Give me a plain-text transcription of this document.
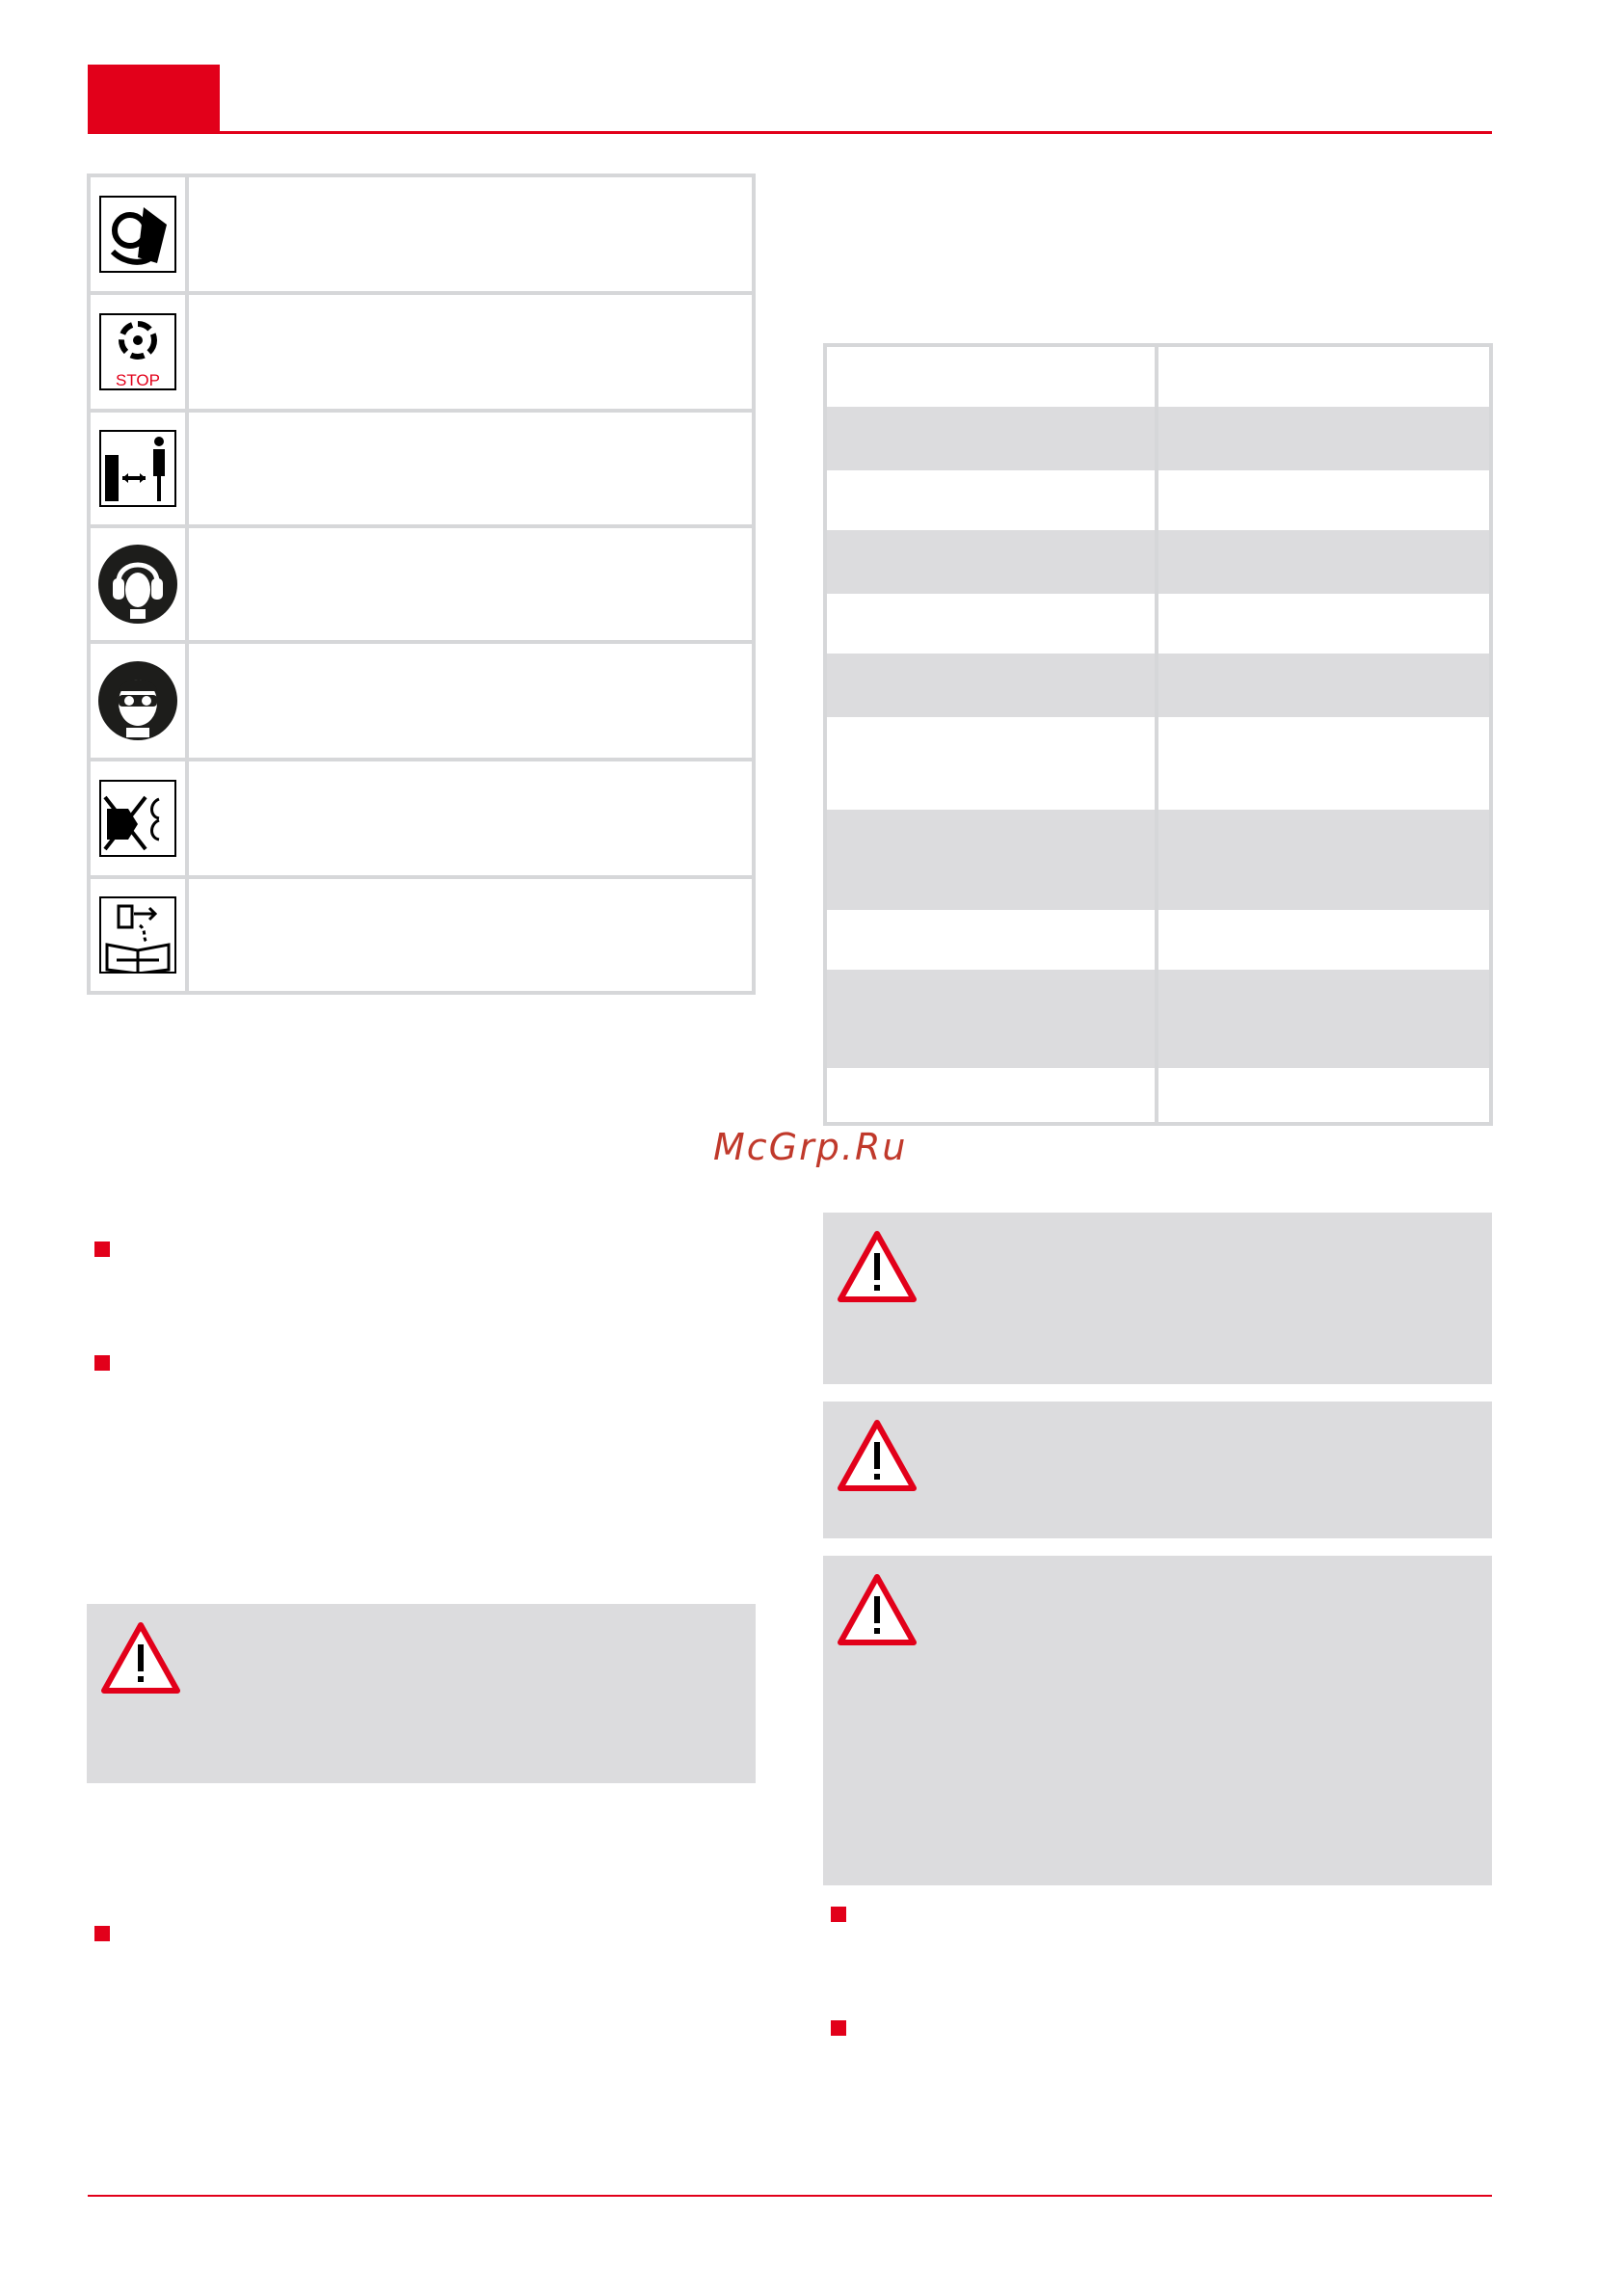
STOP
McGrp.Ru
